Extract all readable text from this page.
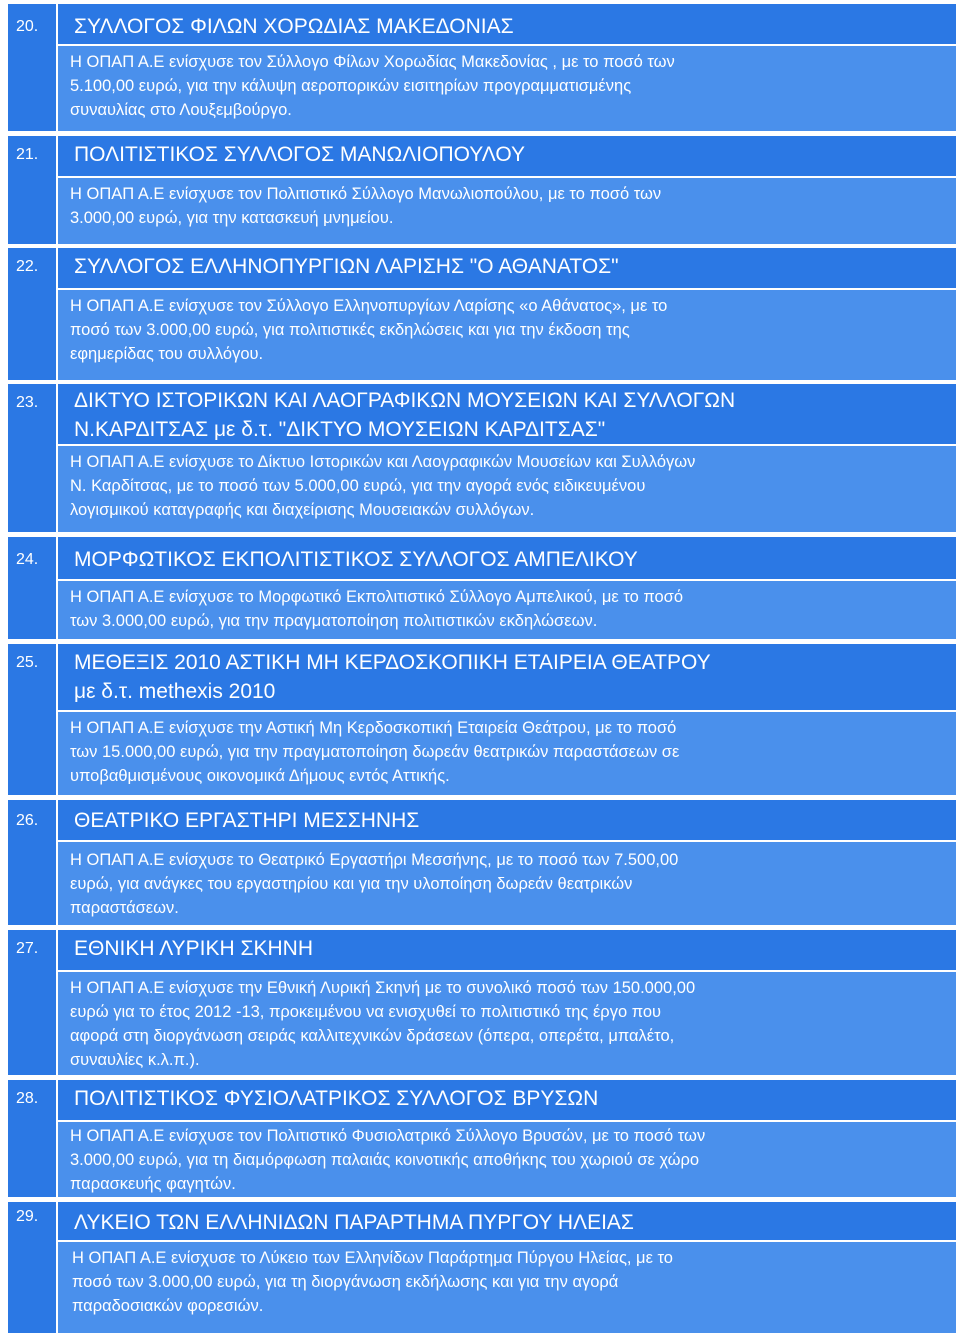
20.	ΣΥΛΛΟΓΟΣ ΦΙΛΩΝ ΧΟΡΩΔΙΑΣ ΜΑΚΕΔΟΝΙΑΣ
Η ΟΠΑΠ Α.Ε ενίσχυσε τον Σύλλογο Φίλων Χορωδίας Μακεδονίας , με το ποσό των
5.100,00 ευρώ, για την κάλυψη αεροπορικών εισιτηρίων προγραμματισμένης
συναυλίας στο Λουξεμβούργο.
21.	ΠΟΛΙΤΙΣΤΙΚΟΣ ΣΥΛΛΟΓΟΣ ΜΑΝΩΛΙΟΠΟΥΛΟΥ
Η ΟΠΑΠ Α.Ε ενίσχυσε τον Πολιτιστικό Σύλλογο Μανωλιοπούλου, με το ποσό των
3.000,00 ευρώ, για την κατασκευή μνημείου.
22.	ΣΥΛΛΟΓΟΣ ΕΛΛΗΝΟΠΥΡΓΙΩΝ ΛΑΡΙΣΗΣ "Ο ΑΘΑΝΑΤΟΣ"
Η ΟΠΑΠ Α.Ε ενίσχυσε τον Σύλλογο Ελληνοπυργίων Λαρίσης «ο Αθάνατος», με το
ποσό των 3.000,00 ευρώ, για πολιτιστικές εκδηλώσεις και για την έκδοση της
εφημερίδας του συλλόγου.
23.	ΔΙΚΤΥΟ ΙΣΤΟΡΙΚΩΝ ΚΑΙ ΛΑΟΓΡΑΦΙΚΩΝ ΜΟΥΣΕΙΩΝ ΚΑΙ ΣΥΛΛΟΓΩΝ
Ν.ΚΑΡΔΙΤΣΑΣ με δ.τ. "ΔΙΚΤΥΟ ΜΟΥΣΕΙΩΝ ΚΑΡΔΙΤΣΑΣ"
Η ΟΠΑΠ Α.Ε ενίσχυσε το Δίκτυο Ιστορικών και Λαογραφικών Μουσείων και Συλλόγων
Ν. Καρδίτσας, με το ποσό των 5.000,00 ευρώ, για την αγορά ενός ειδικευμένου
λογισμικού καταγραφής και διαχείρισης Μουσειακών συλλόγων.
24.	ΜΟΡΦΩΤΙΚΟΣ ΕΚΠΟΛΙΤΙΣΤΙΚΟΣ ΣΥΛΛΟΓΟΣ ΑΜΠΕΛΙΚΟΥ
Η ΟΠΑΠ Α.Ε ενίσχυσε το Μορφωτικό Εκπολιτιστικό Σύλλογο Αμπελικού, με το ποσό
των 3.000,00 ευρώ, για την πραγματοποίηση πολιτιστικών εκδηλώσεων.
25.	ΜΕΘΕΞΙΣ 2010 ΑΣΤΙΚΗ ΜΗ ΚΕΡΔΟΣΚΟΠΙΚΗ ΕΤΑΙΡΕΙΑ ΘΕΑΤΡΟΥ
με δ.τ. methexis 2010
Η ΟΠΑΠ Α.Ε ενίσχυσε την Αστική Μη Κερδοσκοπική Εταιρεία Θεάτρου, με το ποσό
των 15.000,00 ευρώ, για την πραγματοποίηση δωρεάν θεατρικών παραστάσεων σε
υποβαθμισμένους οικονομικά Δήμους εντός Αττικής.
26.	ΘΕΑΤΡΙΚΟ ΕΡΓΑΣΤΗΡΙ ΜΕΣΣΗΝΗΣ
Η ΟΠΑΠ Α.Ε ενίσχυσε το Θεατρικό Εργαστήρι Μεσσήνης, με το ποσό των 7.500,00
ευρώ, για ανάγκες του εργαστηρίου και για την υλοποίηση δωρεάν θεατρικών
παραστάσεων.
27.	ΕΘΝΙΚΗ ΛΥΡΙΚΗ ΣΚΗΝΗ
Η ΟΠΑΠ Α.Ε ενίσχυσε την Εθνική Λυρική Σκηνή με το συνολικό ποσό των 150.000,00
ευρώ για το έτος 2012 -13, προκειμένου να ενισχυθεί το πολιτιστικό της έργο που
αφορά στη διοργάνωση σειράς καλλιτεχνικών δράσεων (όπερα, οπερέτα, μπαλέτο,
συναυλίες κ.λ.π.).
28.	ΠΟΛΙΤΙΣΤΙΚΟΣ ΦΥΣΙΟΛΑΤΡΙΚΟΣ ΣΥΛΛΟΓΟΣ ΒΡΥΣΩΝ
Η ΟΠΑΠ Α.Ε ενίσχυσε τον Πολιτιστικό Φυσιολατρικό Σύλλογο Βρυσών, με το ποσό των
3.000,00 ευρώ, για τη διαμόρφωση παλαιάς κοινοτικής αποθήκης του χωριού σε χώρο
παρασκευής φαγητών.
29.	ΛΥΚΕΙΟ ΤΩΝ ΕΛΛΗΝΙΔΩΝ ΠΑΡΑΡΤΗΜΑ ΠΥΡΓΟΥ ΗΛΕΙΑΣ
Η ΟΠΑΠ Α.Ε ενίσχυσε το Λύκειο των Ελληνίδων Παράρτημα Πύργου Ηλείας, με το
ποσό των 3.000,00 ευρώ, για τη διοργάνωση εκδήλωσης και για την αγορά
παραδοσιακών φορεσιών.
